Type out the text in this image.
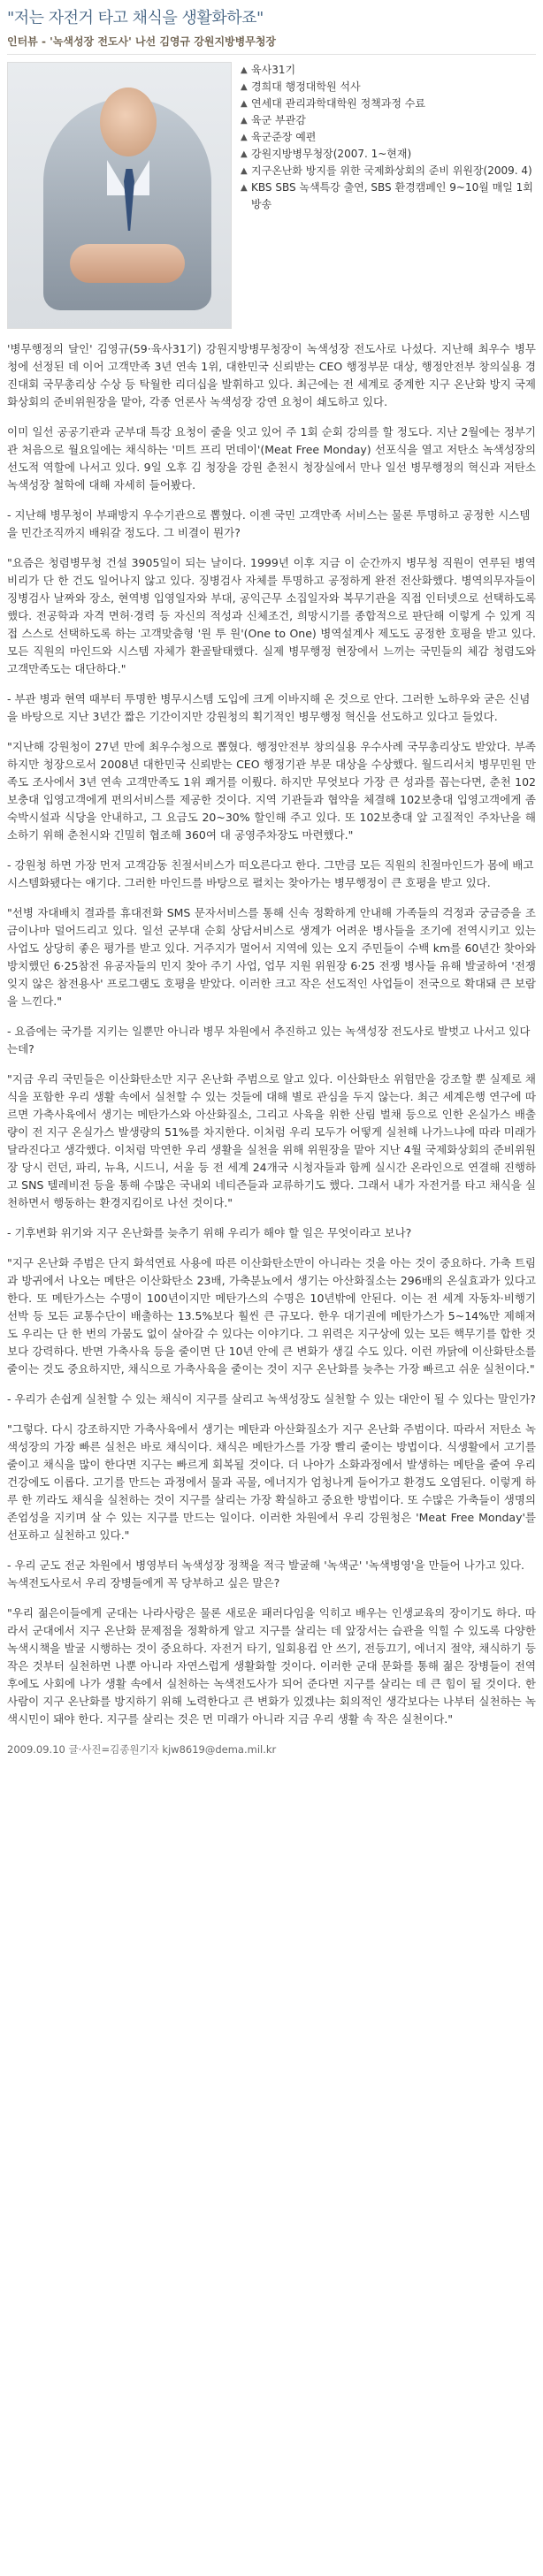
"저는 자전거 타고 채식을 생활화하죠"
인터뷰 - '녹색성장 전도사' 나선 김영규 강원지방병무청장
▲ 육사31기
▲ 경희대 행정대학원 석사
▲ 연세대 관리과학대학원 정책과정 수료
▲ 육군 부관감
▲ 육군준장 예편
▲ 강원지방병무청장(2007. 1~현재)
▲ 지구온난화 방지를 위한 국제화상회의 준비 위원장(2009. 4)
▲ KBS SBS 녹색특강 출연, SBS 환경캠페인 9~10월 매일 1회 방송

'병무행정의 달인' 김영규(59·육사31기) 강원지방병무청장이 녹색성장 전도사로 나섰다. 지난해 최우수 병무청에 선정된 데 이어 고객만족 3년 연속 1위, 대한민국 신뢰받는 CEO 행정부문 대상, 행정안전부 창의실용 경진대회 국무총리상 수상 등 탁월한 리더십을 발휘하고 있다. 최근에는 전 세계로 중계한 지구 온난화 방지 국제화상회의 준비위원장을 맡아, 각종 언론사 녹색성장 강연 요청이 쇄도하고 있다.

이미 일선 공공기관과 군부대 특강 요청이 줄을 잇고 있어 주 1회 순회 강의를 할 정도다. 지난 2월에는 정부기관 처음으로 월요일에는 채식하는 '미트 프리 먼데이'(Meat Free Monday) 선포식을 열고 저탄소 녹색성장의 선도적 역할에 나서고 있다. 9일 오후 김 청장을 강원 춘천시 청장실에서 만나 일선 병무행정의 혁신과 저탄소 녹색성장 철학에 대해 자세히 들어봤다.

- 지난해 병무청이 부패방지 우수기관으로 뽑혔다. 이젠 국민 고객만족 서비스는 물론 투명하고 공정한 시스템을 민간조직까지 배워갈 정도다. 그 비결이 뭔가?

"요즘은 청렴병무청 건설 3905일이 되는 날이다. 1999년 이후 지금 이 순간까지 병무청 직원이 연루된 병역비리가 단 한 건도 일어나지 않고 있다. 징병검사 자체를 투명하고 공정하게 완전 전산화했다. 병역의무자들이 징병검사 날짜와 장소, 현역병 입영일자와 부대, 공익근무 소집일자와 복무기관을 직접 인터넷으로 선택하도록 했다. 전공학과 자격 면허·경력 등 자신의 적성과 신체조건, 희망시기를 종합적으로 판단해 이렇게 수 있게 직접 스스로 선택하도록 하는 고객맞춤형 '원 투 원'(One to One) 병역설계사 제도도 공정한 호평을 받고 있다. 모든 직원의 마인드와 시스템 자체가 환골탈태했다. 실제 병무행정 현장에서 느끼는 국민들의 체감 청렴도와 고객만족도는 대단하다."

- 부관 병과 현역 때부터 투명한 병무시스템 도입에 크게 이바지해 온 것으로 안다. 그러한 노하우와 굳은 신념을 바탕으로 지난 3년간 짧은 기간이지만 강원청의 획기적인 병무행정 혁신을 선도하고 있다고 들었다.

"지난해 강원청이 27년 만에 최우수청으로 뽑혔다. 행정안전부 창의실용 우수사례 국무총리상도 받았다. 부족하지만 청장으로서 2008년 대한민국 신뢰받는 CEO 행정기관 부문 대상을 수상했다. 월드리서치 병무민원 만족도 조사에서 3년 연속 고객만족도 1위 쾌거를 이뤘다. 하지만 무엇보다 가장 큰 성과를 꼽는다면, 춘천 102보충대 입영고객에게 편의서비스를 제공한 것이다. 지역 기관들과 협약을 체결해 102보충대 입영고객에게 좀 숙박시설과 식당을 안내하고, 그 요금도 20~30% 할인해 주고 있다. 또 102보충대 앞 고질적인 주차난을 해소하기 위해 춘천시와 긴밀히 협조해 360여 대 공영주차장도 마련했다."

- 강원청 하면 가장 먼저 고객감동 친절서비스가 떠오른다고 한다. 그만큼 모든 직원의 친절마인드가 몸에 배고 시스템화됐다는 얘기다. 그러한 마인드를 바탕으로 펼치는 찾아가는 병무행정이 큰 호평을 받고 있다.

"선병 자대배치 결과를 휴대전화 SMS 문자서비스를 통해 신속 정확하게 안내해 가족들의 걱정과 궁금증을 조금이나마 덜어드리고 있다. 일선 군부대 순회 상담서비스로 생계가 어려운 병사들을 조기에 전역시키고 있는 사업도 상당히 좋은 평가를 받고 있다. 거주지가 멀어서 지역에 있는 오지 주민들이 수백 km를 60년간 찾아와 방치했던 6·25참전 유공자들의 민지 찾아 주기 사업, 업무 지원 위원장 6·25 전쟁 병사들 유해 발굴하여 '전쟁 잊지 않은 참전용사' 프로그램도 호평을 받았다. 이러한 크고 작은 선도적인 사업들이 전국으로 확대돼 큰 보람을 느낀다."

- 요즘에는 국가를 지키는 일뿐만 아니라 병무 차원에서 추진하고 있는 녹색성장 전도사로 발벗고 나서고 있다는데?

"지금 우리 국민들은 이산화탄소만 지구 온난화 주범으로 알고 있다. 이산화탄소 위험만을 강조할 뿐 실제로 채식을 포함한 우리 생활 속에서 실천할 수 있는 것들에 대해 별로 관심을 두지 않는다. 최근 세계은행 연구에 따르면 가축사육에서 생기는 메탄가스와 아산화질소, 그리고 사육을 위한 산림 벌채 등으로 인한 온실가스 배출량이 전 지구 온실가스 발생량의 51%를 차지한다. 이처럼 우리 모두가 어떻게 실천해 나가느냐에 따라 미래가 달라진다고 생각했다. 이처럼 막연한 우리 생활을 실천을 위해 위원장을 맡아 지난 4월 국제화상회의 준비위원장 당시 런던, 파리, 뉴욕, 시드니, 서울 등 전 세계 24개국 시청자들과 함께 실시간 온라인으로 연결해 진행하고 SNS 텔레비전 등을 통해 수많은 국내외 네티즌들과 교류하기도 했다. 그래서 내가 자전거를 타고 채식을 실천하면서 행동하는 환경지킴이로 나선 것이다."

- 기후변화 위기와 지구 온난화를 늦추기 위해 우리가 해야 할 일은 무엇이라고 보나?

"지구 온난화 주범은 단지 화석연료 사용에 따른 이산화탄소만이 아니라는 것을 아는 것이 중요하다. 가축 트림과 방귀에서 나오는 메탄은 이산화탄소 23배, 가축분뇨에서 생기는 아산화질소는 296배의 온실효과가 있다고 한다. 또 메탄가스는 수명이 100년이지만 메탄가스의 수명은 10년밖에 안된다. 이는 전 세계 자동차·비행기 선박 등 모든 교통수단이 배출하는 13.5%보다 훨씬 큰 규모다. 한우 대기권에 메탄가스가 5~14%만 제해져도 우리는 단 한 번의 가뭄도 없이 살아갈 수 있다는 이야기다. 그 위력은 지구상에 있는 모든 핵무기를 합한 것보다 강력하다. 반면 가축사육 등을 줄이면 단 10년 안에 큰 변화가 생길 수도 있다. 이런 까닭에 이산화탄소를 줄이는 것도 중요하지만, 채식으로 가축사육을 줄이는 것이 지구 온난화를 늦추는 가장 빠르고 쉬운 실천이다."

- 우리가 손쉽게 실천할 수 있는 채식이 지구를 살리고 녹색성장도 실천할 수 있는 대안이 될 수 있다는 말인가?

"그렇다. 다시 강조하지만 가축사육에서 생기는 메탄과 아산화질소가 지구 온난화 주범이다. 따라서 저탄소 녹색성장의 가장 빠른 실천은 바로 채식이다. 채식은 메탄가스를 가장 빨리 줄이는 방법이다. 식생활에서 고기를 줄이고 채식을 많이 한다면 지구는 빠르게 회복될 것이다. 더 나아가 소화과정에서 발생하는 메탄을 줄여 우리 건강에도 이롭다. 고기를 만드는 과정에서 물과 곡물, 에너지가 엄청나게 들어가고 환경도 오염된다. 이렇게 하루 한 끼라도 채식을 실천하는 것이 지구를 살리는 가장 확실하고 중요한 방법이다. 또 수많은 가축들이 생명의 존엄성을 지키며 살 수 있는 지구를 만드는 일이다. 이러한 차원에서 우리 강원청은 'Meat Free Monday'를 선포하고 실천하고 있다."

- 우리 군도 전군 차원에서 병영부터 녹색성장 정책을 적극 발굴해 '녹색군' '녹색병영'을 만들어 나가고 있다. 녹색전도사로서 우리 장병들에게 꼭 당부하고 싶은 말은?

"우리 젊은이들에게 군대는 나라사랑은 물론 새로운 패러다임을 익히고 배우는 인생교육의 장이기도 하다. 따라서 군대에서 지구 온난화 문제점을 정확하게 알고 지구를 살리는 데 앞장서는 습관을 익힐 수 있도록 다양한 녹색시책을 발굴 시행하는 것이 중요하다. 자전거 타기, 일회용컵 안 쓰기, 전등끄기, 에너지 절약, 채식하기 등 작은 것부터 실천하면 나뿐 아니라 자연스럽게 생활화할 것이다. 이러한 군대 문화를 통해 젊은 장병들이 전역 후에도 사회에 나가 생활 속에서 실천하는 녹색전도사가 되어 준다면 지구를 살리는 데 큰 힘이 될 것이다. 한 사람이 지구 온난화를 방지하기 위해 노력한다고 큰 변화가 있겠냐는 회의적인 생각보다는 나부터 실천하는 녹색시민이 돼야 한다. 지구를 살리는 것은 먼 미래가 아니라 지금 우리 생활 속 작은 실천이다."

2009.09.10 글·사진=김종원기자 kjw8619@dema.mil.kr
